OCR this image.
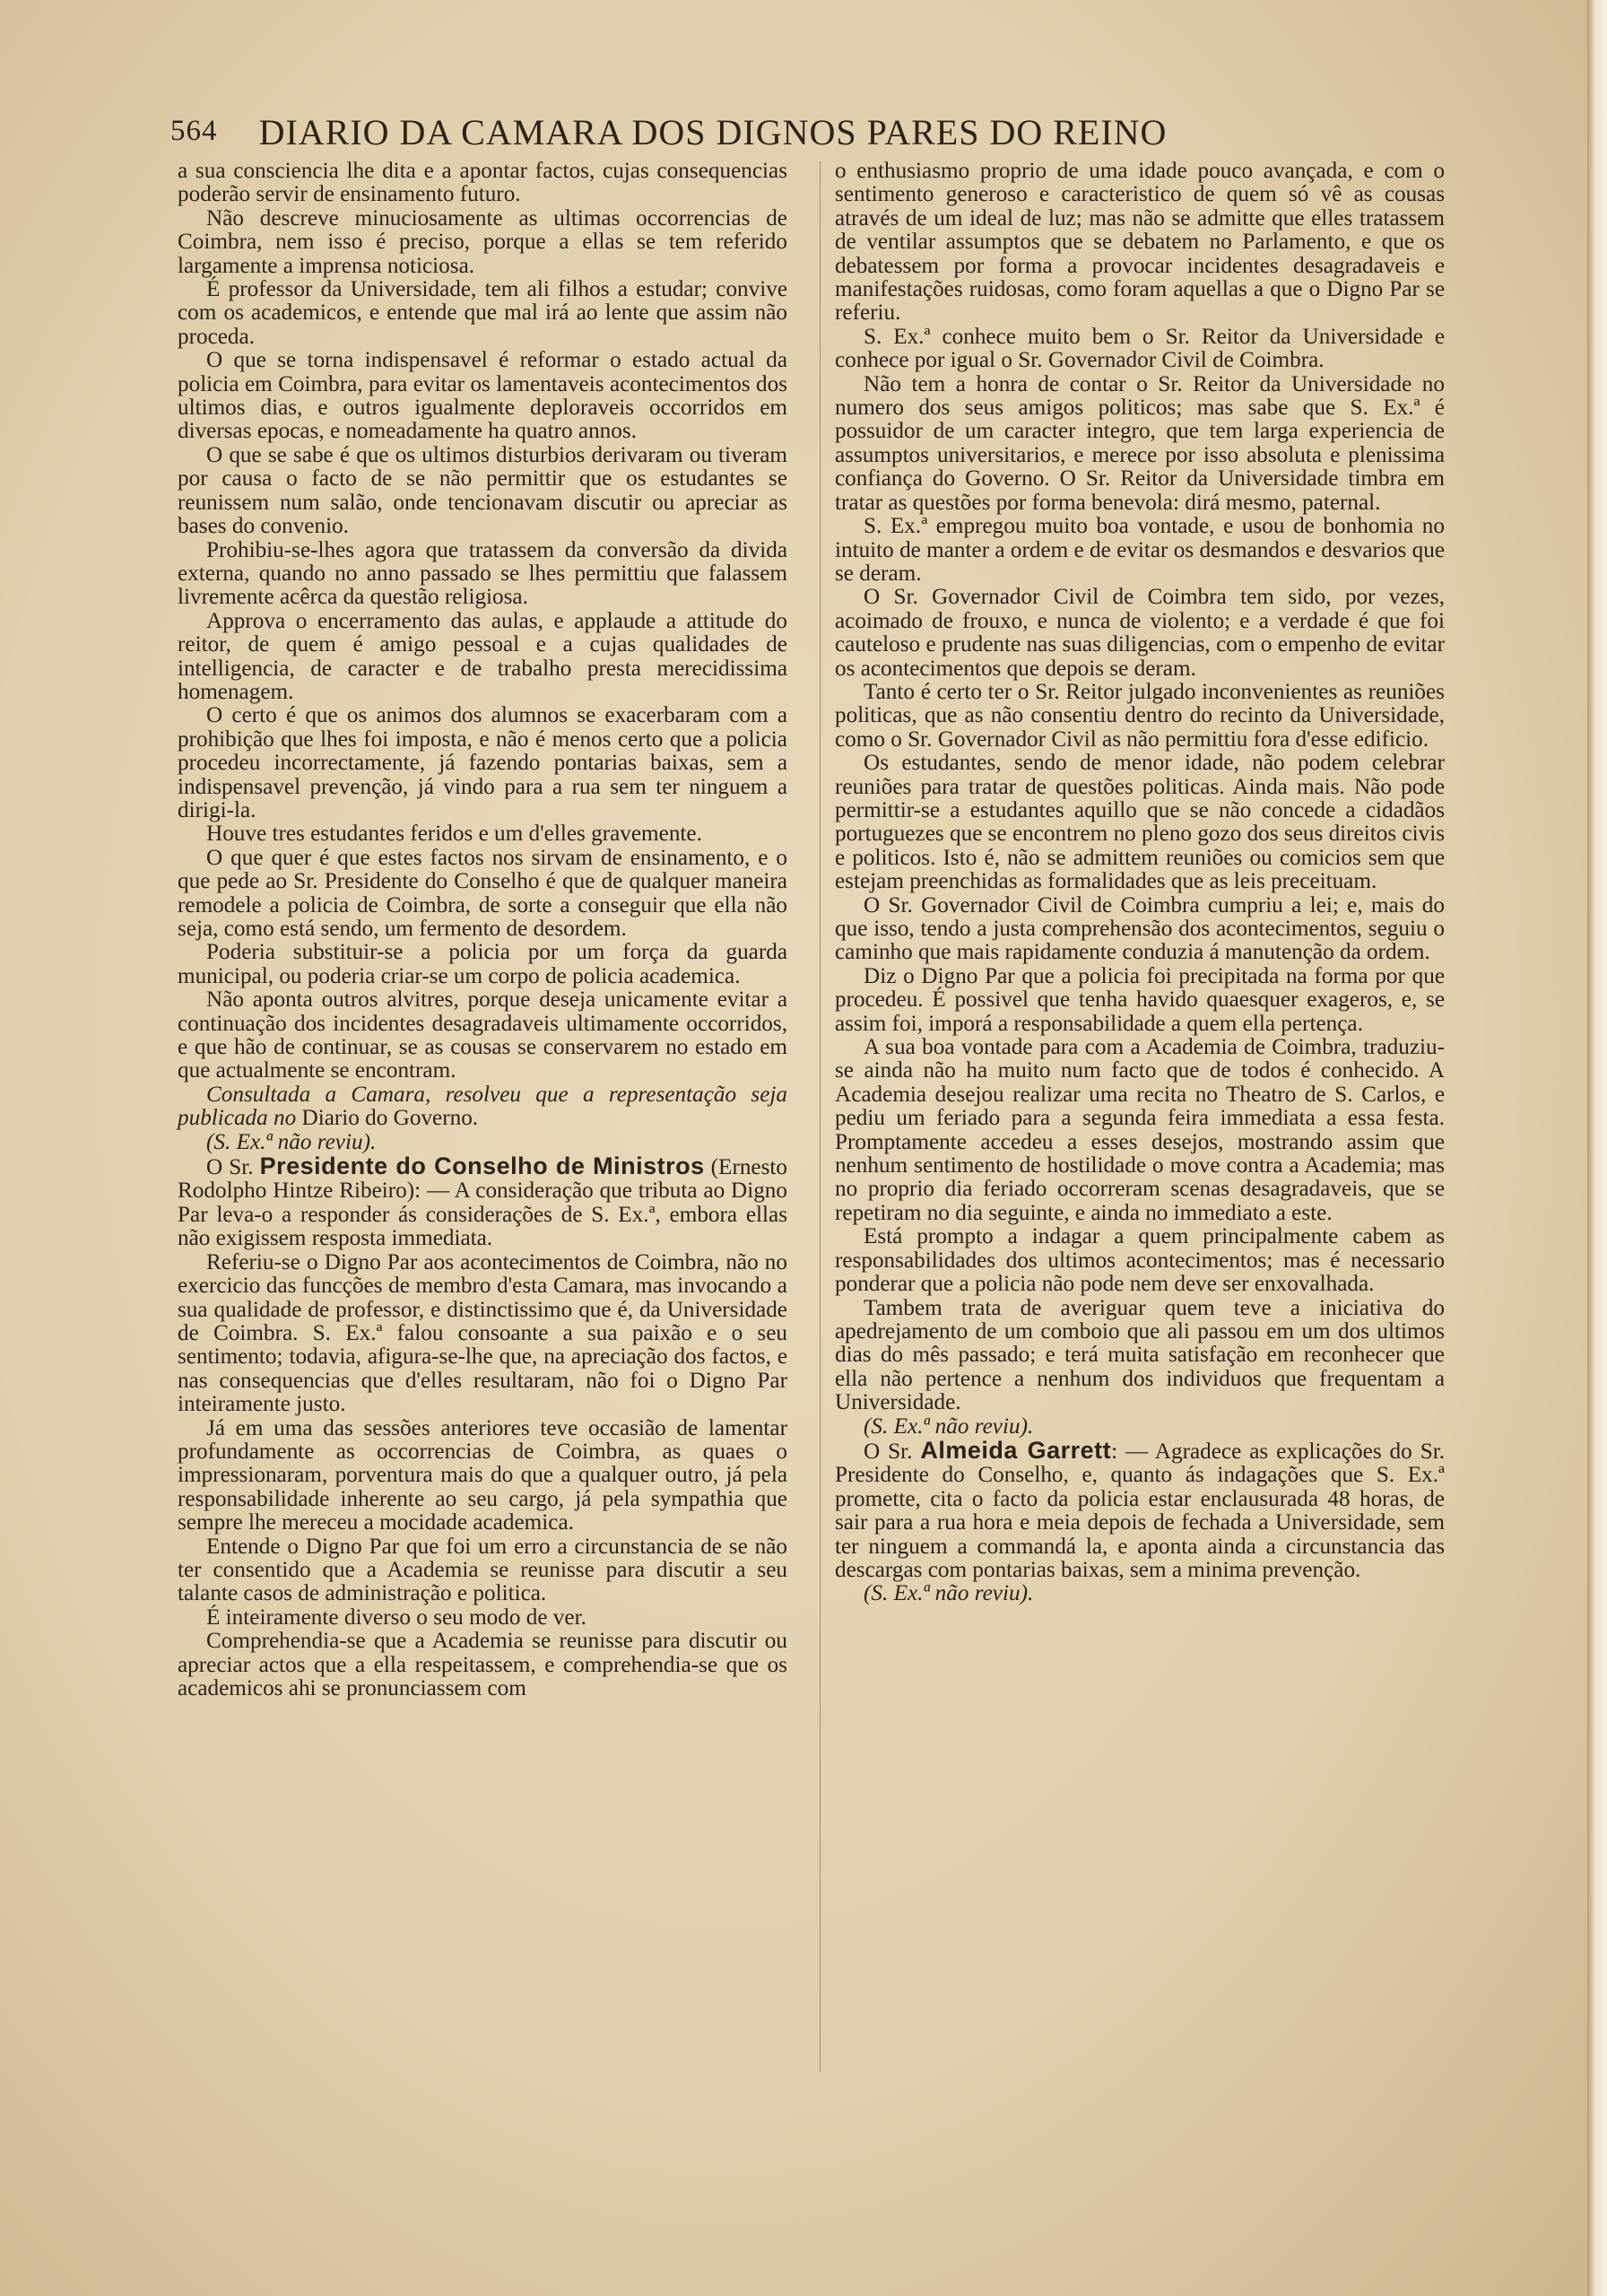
564	DIARIO DA CAMARA DOS DIGNOS PARES DO REINO

a sua consciencia lhe dita e a apontar factos, cujas consequencias poderão servir de ensinamento futuro.

Não descreve minuciosamente as ultimas occorrencias de Coimbra, nem isso é preciso, porque a ellas se tem referido largamente a imprensa noticiosa.

É professor da Universidade, tem ali filhos a estudar; convive com os academicos, e entende que mal irá ao lente que assim não proceda.

O que se torna indispensavel é reformar o estado actual da policia em Coimbra, para evitar os lamentaveis acontecimentos dos ultimos dias, e outros igualmente deploraveis occorridos em diversas epocas, e nomeadamente ha quatro annos.

O que se sabe é que os ultimos disturbios derivaram ou tiveram por causa o facto de se não permittir que os estudantes se reunissem num salão, onde tencionavam discutir ou apreciar as bases do convenio.

Prohibiu-se-lhes agora que tratassem da conversão da divida externa, quando no anno passado se lhes permittiu que falassem livremente acêrca da questão religiosa.

Approva o encerramento das aulas, e applaude a attitude do reitor, de quem é amigo pessoal e a cujas qualidades de intelligencia, de caracter e de trabalho presta merecidissima homenagem.

O certo é que os animos dos alumnos se exacerbaram com a prohibição que lhes foi imposta, e não é menos certo que a policia procedeu incorrectamente, já fazendo pontarias baixas, sem a indispensavel prevenção, já vindo para a rua sem ter ninguem a dirigi-la.

Houve tres estudantes feridos e um d'elles gravemente.

O que quer é que estes factos nos sirvam de ensinamento, e o que pede ao Sr. Presidente do Conselho é que de qualquer maneira remodele a policia de Coimbra, de sorte a conseguir que ella não seja, como está sendo, um fermento de desordem.

Poderia substituir-se a policia por um força da guarda municipal, ou poderia criar-se um corpo de policia academica.

Não aponta outros alvitres, porque deseja unicamente evitar a continuação dos incidentes desagradaveis ultimamente occorridos, e que hão de continuar, se as cousas se conservarem no estado em que actualmente se encontram.

Consultada a Camara, resolveu que a representação seja publicada no Diario do Governo.

(S. Ex.ª não reviu).

O Sr. Presidente do Conselho de Ministros (Ernesto Rodolpho Hintze Ribeiro): — A consideração que tributa ao Digno Par leva-o a responder ás considerações de S. Ex.ª, embora ellas não exigissem resposta immediata.

Referiu-se o Digno Par aos acontecimentos de Coimbra, não no exercicio das funcções de membro d'esta Camara, mas invocando a sua qualidade de professor, e distinctissimo que é, da Universidade de Coimbra. S. Ex.ª falou consoante a sua paixão e o seu sentimento; todavia, afigura-se-lhe que, na apreciação dos factos, e nas consequencias que d'elles resultaram, não foi o Digno Par inteiramente justo.

Já em uma das sessões anteriores teve occasião de lamentar profundamente as occorrencias de Coimbra, as quaes o impressionaram, porventura mais do que a qualquer outro, já pela responsabilidade inherente ao seu cargo, já pela sympathia que sempre lhe mereceu a mocidade academica.

Entende o Digno Par que foi um erro a circunstancia de se não ter consentido que a Academia se reunisse para discutir a seu talante casos de administração e politica.

É inteiramente diverso o seu modo de ver.

Comprehendia-se que a Academia se reunisse para discutir ou apreciar actos que a ella respeitassem, e comprehendia-se que os academicos ahi se pronunciassem com

o enthusiasmo proprio de uma idade pouco avançada, e com o sentimento generoso e caracteristico de quem só vê as cousas através de um ideal de luz; mas não se admitte que elles tratassem de ventilar assumptos que se debatem no Parlamento, e que os debatessem por forma a provocar incidentes desagradaveis e manifestações ruidosas, como foram aquellas a que o Digno Par se referiu.

S. Ex.ª conhece muito bem o Sr. Reitor da Universidade e conhece por igual o Sr. Governador Civil de Coimbra.

Não tem a honra de contar o Sr. Reitor da Universidade no numero dos seus amigos politicos; mas sabe que S. Ex.ª é possuidor de um caracter integro, que tem larga experiencia de assumptos universitarios, e merece por isso absoluta e plenissima confiança do Governo. O Sr. Reitor da Universidade timbra em tratar as questões por forma benevola: dirá mesmo, paternal.

S. Ex.ª empregou muito boa vontade, e usou de bonhomia no intuito de manter a ordem e de evitar os desmandos e desvarios que se deram.

O Sr. Governador Civil de Coimbra tem sido, por vezes, acoimado de frouxo, e nunca de violento; e a verdade é que foi cauteloso e prudente nas suas diligencias, com o empenho de evitar os acontecimentos que depois se deram.

Tanto é certo ter o Sr. Reitor julgado inconvenientes as reuniões politicas, que as não consentiu dentro do recinto da Universidade, como o Sr. Governador Civil as não permittiu fora d'esse edificio.

Os estudantes, sendo de menor idade, não podem celebrar reuniões para tratar de questões politicas. Ainda mais. Não pode permittir-se a estudantes aquillo que se não concede a cidadãos portuguezes que se encontrem no pleno gozo dos seus direitos civis e politicos. Isto é, não se admittem reuniões ou comicios sem que estejam preenchidas as formalidades que as leis preceituam.

O Sr. Governador Civil de Coimbra cumpriu a lei; e, mais do que isso, tendo a justa comprehensão dos acontecimentos, seguiu o caminho que mais rapidamente conduzia á manutenção da ordem.

Diz o Digno Par que a policia foi precipitada na forma por que procedeu. É possivel que tenha havido quaesquer exageros, e, se assim foi, imporá a responsabilidade a quem ella pertença.

A sua boa vontade para com a Academia de Coimbra, traduziu-se ainda não ha muito num facto que de todos é conhecido. A Academia desejou realizar uma recita no Theatro de S. Carlos, e pediu um feriado para a segunda feira immediata a essa festa. Promptamente accedeu a esses desejos, mostrando assim que nenhum sentimento de hostilidade o move contra a Academia; mas no proprio dia feriado occorreram scenas desagradaveis, que se repetiram no dia seguinte, e ainda no immediato a este.

Está prompto a indagar a quem principalmente cabem as responsabilidades dos ultimos acontecimentos; mas é necessario ponderar que a policia não pode nem deve ser enxovalhada.

Tambem trata de averiguar quem teve a iniciativa do apedrejamento de um comboio que ali passou em um dos ultimos dias do mês passado; e terá muita satisfação em reconhecer que ella não pertence a nenhum dos individuos que frequentam a Universidade.

(S. Ex.ª não reviu).

O Sr. Almeida Garrett: — Agradece as explicações do Sr. Presidente do Conselho, e, quanto ás indagações que S. Ex.ª promette, cita o facto da policia estar enclausurada 48 horas, de sair para a rua hora e meia depois de fechada a Universidade, sem ter ninguem a commandá la, e aponta ainda a circunstancia das descargas com pontarias baixas, sem a minima prevenção.

(S. Ex.ª não reviu).
